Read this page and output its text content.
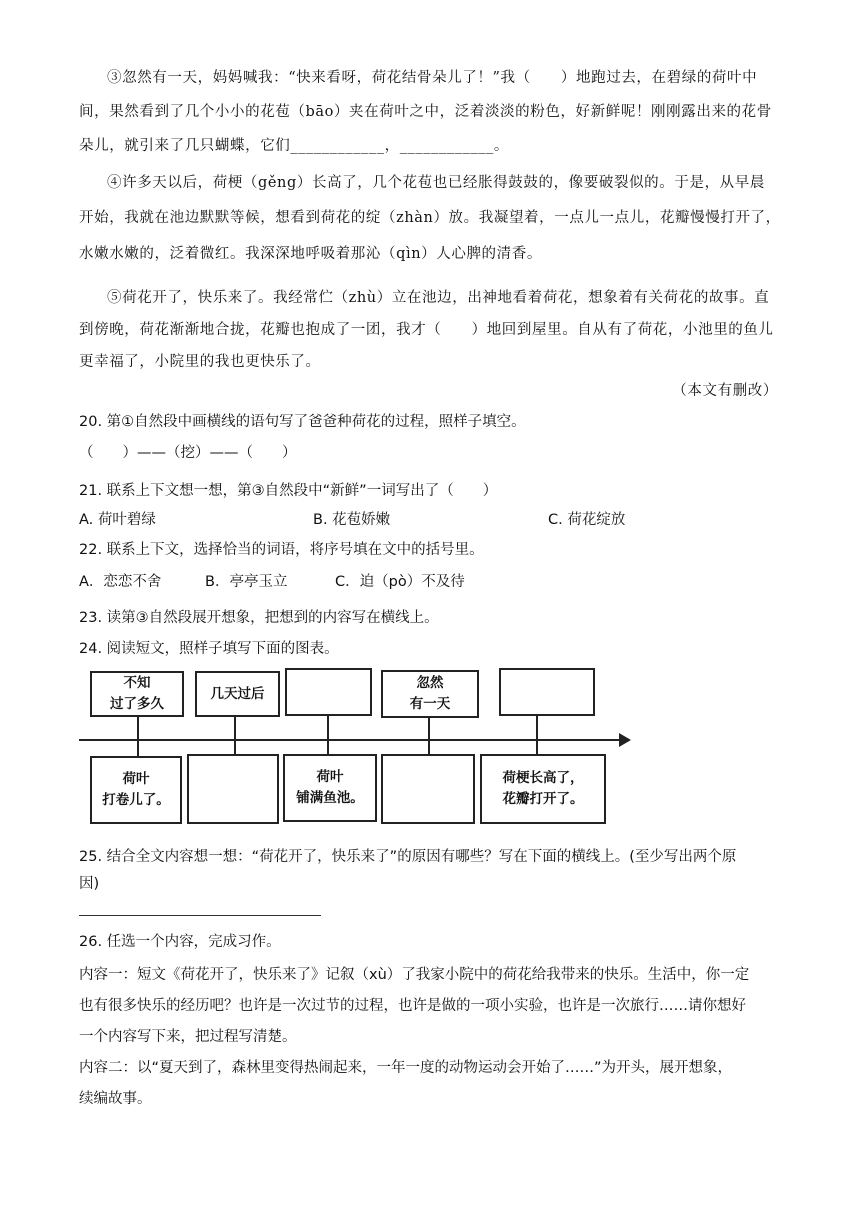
③忽然有一天，妈妈喊我：“快来看呀，荷花结骨朵儿了！”我（　　）地跑过去，在碧绿的荷叶中
间，果然看到了几个小小的花苞（bāo）夹在荷叶之中，泛着淡淡的粉色，好新鲜呢！刚刚露出来的花骨
朵儿，就引来了几只蝴蝶，它们____________，____________。
④许多天以后，荷梗（gěng）长高了，几个花苞也已经胀得鼓鼓的，像要破裂似的。于是，从早晨
开始，我就在池边默默等候，想看到荷花的绽（zhàn）放。我凝望着，一点儿一点儿，花瓣慢慢打开了，
水嫩水嫩的，泛着微红。我深深地呼吸着那沁（qìn）人心脾的清香。
⑤荷花开了，快乐来了。我经常伫（zhù）立在池边，出神地看着荷花，想象着有关荷花的故事。直
到傍晚，荷花渐渐地合拢，花瓣也抱成了一团，我才（　　）地回到屋里。自从有了荷花，小池里的鱼儿
更幸福了，小院里的我也更快乐了。
（本文有删改）
20. 第①自然段中画横线的语句写了爸爸种荷花的过程，照样子填空。
（　　）——（挖）——（　　）
21. 联系上下文想一想，第③自然段中“新鲜”一词写出了（　　）
A. 荷叶碧绿	B. 花苞娇嫩	C. 荷花绽放
22. 联系上下文，选择恰当的词语，将序号填在文中的括号里。
A．恋恋不舍	B．亭亭玉立	C．迫（pò）不及待
23. 读第③自然段展开想象，把想到的内容写在横线上。
24. 阅读短文，照样子填写下面的图表。
不知
过了多久
几天过后
忽然
有一天
荷叶
打卷儿了。
荷叶
铺满鱼池。
荷梗长高了，
花瓣打开了。
25. 结合全文内容想一想：“荷花开了，快乐来了”的原因有哪些？写在下面的横线上。(至少写出两个原
因)
26. 任选一个内容，完成习作。
内容一：短文《荷花开了，快乐来了》记叙（xù）了我家小院中的荷花给我带来的快乐。生活中，你一定
也有很多快乐的经历吧？也许是一次过节的过程，也许是做的一项小实验，也许是一次旅行……请你想好
一个内容写下来，把过程写清楚。
内容二：以“夏天到了，森林里变得热闹起来，一年一度的动物运动会开始了……”为开头，展开想象，
续编故事。
